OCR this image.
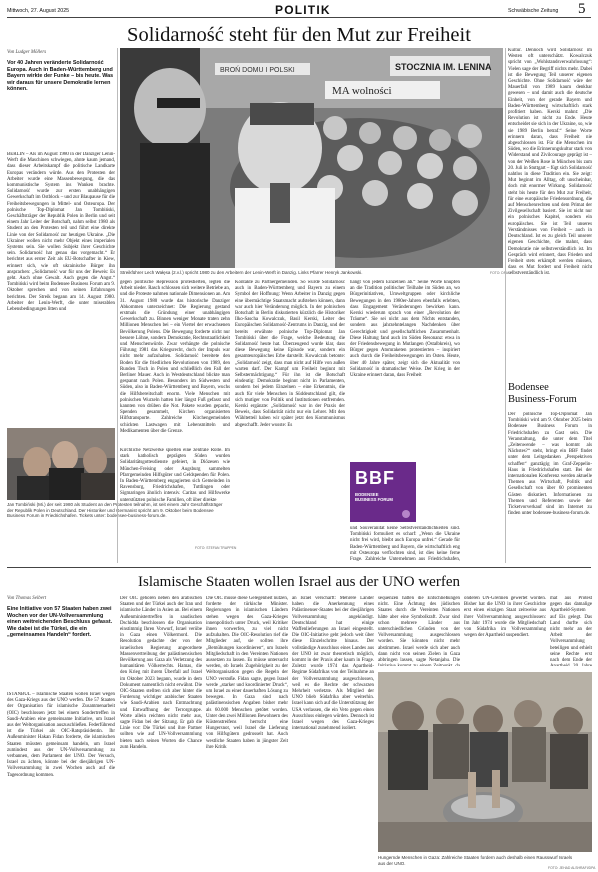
Mittwoch, 27. August 2025	POLITIK	Schwäbische Zeitung 5
Solidarność steht für den Mut zur Freiheit
BROŃ DOMU I POLSKI	STOCZNIA IM. LENINA
MA wolności
Streikführer Lech Wałęsa (2.v.l.) spricht 1980 zu den Arbeitern der Lenin-Werft in Danzig. Links Pfarrer Henryk Jankowski.	FOTO: DPA
Von Ludger Möllers
Vor 40 Jahren veränderte Solidarność Europa. Auch in Baden-Württemberg und Bayern wirkte der Funke – bis heute. Was wir daraus für unsere Demokratie lernen können.
BERLIN – Als im August 1980 in der Danziger Lenin-Werft die Maschinen schwiegen, ahnte kaum jemand, dass dieser Arbeitskampf die politische Landkarte Europas verändern würde. Aus den Protesten der Arbeiter wurde eine Massenbewegung, die das kommunistische System ins Wanken brachte. Solidarność wurde zur ersten unabhängigen Gewerkschaft im Ostblock – und zur Blaupause für die Freiheitsbewegungen in Mittel- und Osteuropa. Der polnische Top-Diplomat Jan Tombiński, Geschäftsträger der Republik Polen in Berlin und seit einem Jahr Leiter der Botschaft, nahm selbst 1980 als Student an den Protesten teil und führt eine direkte Linie von der Solidarność zur heutigen Ukraine. „Die Ukrainer wollen nicht mehr Objekt eines imperialen Systems sein. Sie wollen Subjekt ihrer Geschichte sein. Solidarność hat genau das vorgemacht.“ Er berichtet aus erster Zeit als EU-Botschafter in Kiew, erinnert sich, wie oft ukrainische Bürger ihn ansprachen: „Solidarność war für uns der Beweis: Es geht. Auch ohne Gewalt. Auch gegen die Angst.“ Tombiński wird beim Bodensee Business Forum am 9. Oktober sprechen und von seinen Erfahrungen berichten. Der Streik begann am 14. August 1980. Arbeiter der Lenin-Werft, die unter miserablen Lebensbedingungen litten und
gegen politische Repression protestierten, legten die Arbeit nieder. Rasch schlossen sich weitere Betriebe an, und die Proteste nahmen nationale Dimensionen an. Am 31. August 1980 wurde das historische Danziger Abkommen unterzeichnet: Die Regierung gestand erstmals die Gründung einer unabhängigen Gewerkschaft zu. Binnen weniger Monate traten zehn Millionen Menschen bei – ein Viertel der erwachsenen Bevölkerung Polens. Die Bewegung forderte nicht nur bessere Löhne, sondern Demokratie, Rechtsstaatlichkeit und Menschenwürde. Zwar verhängte die polnische Führung 1981 das Kriegsrecht, doch der Impuls war nicht mehr aufzuhalten. Solidarność bereitete den Boden für die friedlichen Revolutionen von 1989, den Runden Tisch in Polen und schließlich den Fall der Berliner Mauer. Auch in Westdeutschland blickte man gespannt nach Polen. Besonders im Südwesten und Süden, also in Baden-Württemberg und Bayern, wuchs die Hilfsbereitschaft enorm. Viele Menschen mit polnischen Wurzeln hatten hier längst Fuß gefasst und kannten von drüben die Not. Pakete wurden gepackt, Spenden gesammelt, Kirchen organisierten Hilfstransporte. Zahlreiche Kirchengemeinden schickten Lastwagen mit Lebensmitteln und Medikamenten über die Grenze.
Jan Tombiński (Mi.) der seit 1980 als Student an den Protesten teilnahm, ist seit einem Jahr Geschäftsträger der Republik Polen in Deutschland. Der Historiker und Germanist spricht am 9. Oktober beim Bodensee Business Forum in Friedrichshafen. Tickets unter: bodensee-business-forum.de.
FOTO: STEFAN TRAPPEN
Kirchliche Netzwerke spielten eine zentrale Rolle. Im stark katholisch geprägten Süden wurden Solidaritätsgottesdienste gefeiert, in Diözesen wie München-Freising oder Augsburg sammelten Pfarrgemeinden Hilfsgüter und Geldspenden für Polen. In Baden-Württemberg engagierten sich Gemeinden in Ravensburg, Friedrichshafen, Tuttlingen oder Sigmaringen ähnlich intensiv. Caritas und Hilfswerke unterstützten polnische Familien, oft über direkte
Kontakte zu Partnergemeinden. So wurde Solidarność auch in Baden-Württemberg und Bayern zu einem Symbol der Hoffnung: Wenn Arbeiter in Danzig gegen eine übermächtige Staatsmacht aufstehen können, dann war auch hier Veränderung möglich. In der polnischen Botschaft in Berlin diskutierten kürzlich die Historiker Ilko-Sascha Kowalczuk, Basil Kerski, Leiter des Europäischen Solidarność-Zentrums in Danzig, und der bereits erwähnte polnische Top-Diplomat Jan Tombiński über die Frage, welche Bedeutung die Solidarność heute hat. Überzeugend wurde klar, dass diese Bewegung keine Episode war, sondern ein gesamteuropäisches Erbe darstellt. Kowalczuk betonte: „Solidarność zeigt, dass man nicht auf Hilfe von außen warten darf. Der Kampf um Freiheit beginnt mit Selbstermächtigung.“ Für ihn ist die Botschaft eindeutig: Demokratie beginnt nicht in Parlamenten, sondern bei jedem Einzelnen – eine Erkenntnis, die auch für viele Menschen in Süddeutschland gilt, die sich mutiger von Politik und Institutionen entfremden. Kerski ergänzte: „Solidarność war in der Praxis der Beweis, dass Solidarität nicht nur ein Lehrer. Mit den Wähltetteil haben wir später jetzt den Kommunismus abgeschafft. Jeder wusste: Es
hängt von jedem Einzelnen ab.“ Seine Worte knüpfen an die Tradition politischer Teilhabe im Süden an, wo Bürgerinitiativen, Umweltgruppen oder kirchliche Bewegungen in den 1980er-Jahren ebenfalls erlebten, dass Engagement Veränderungen bewirken kann. Kerski wiederum sprach von einer „Revolution der Träume“. Sie sei nicht aus dem Nichts entstanden, sondern aus jahrzehntelangen Nachdenken über Gerechtigkeit und gesellschaftlichen Zusammenhalt. Diese Haltung fand auch im Süden Resonanz: etwa in der Friedensbewegung in Mutlangen (Ostalbkreis), wo Bürger gegen Atomraketen protestierten – inspiriert auch durch die Freiheitsbewegungen im Osten. Heute, über 40 Jahre später, zeigt sich die Aktualität von Solidarność in dramatischer Weise. Der Krieg in der Ukraine erinnert daran, dass Freiheit
BBF
BODENSEE
BUSINESS FORUM
und Souveränität keine Selbstverständlichkeiten sind. Tombiński formuliert es scharf: „Wenn die Ukraine nicht frei wird, bleibt auch Europa unfrei.“ Gerade für Baden-Württemberg und Bayern, die wirtschaftlich eng mit Osteuropa verflochten sind, ist dies keine ferne Frage. Zahlreiche Unternehmen aus Friedrichshafen,
Kultur. Dennoch wird Solidarność im Westen oft unterschätzt. Kowalczuk spricht von „Wohlstandsverwahrlosung“: Vielen sage der Begriff nichts mehr. Dabei ist die Bewegung Teil unserer eigenen Geschichte. Ohne Solidarność wäre der Mauerfall von 1989 kaum denkbar gewesen – und damit auch die deutsche Einheit, von der gerade Bayern und Baden-Württemberg wirtschaftlich stark profitiert haben. Kerski mahnt: „Die Revolution ist nicht zu Ende. Heute entscheidet sie sich in der Ukraine, so, wie sie 1989 Berlin betraf.“ Seine Worte erinnern daran, dass Freiheit nie abgeschlossen ist. Für die Menschen im Süden, wo die Erinnerungskultur stark von Widerstand und Zivilcourage geprägt ist – von der Weißen Rose in München bis zum 20. Juli in Stuttgart – fügt sich Solidarność nahtlos in diese Tradition ein. Sie zeigt: Mut beginnt im Alltag, oft unscheinbar, doch mit enormer Wirkung. Solidarność steht bis heute für den Mut zur Freiheit, für eine europäische Friedensordnung, die auf Menschenrechten und dem Primat der Zivilgesellschaft basiert. Sie ist nicht nur ein polnisches Kapitel, sondern ein europäisches. Sie ist Teil unseres Verständnisses von Freiheit – auch in Deutschland. Ist es zu gleich Teil unserer eigenen Geschichte, die mahnt, dass Demokratie nie selbstverständlich ist. Im Gespräch wird erinnert, dass Frieden und Freiheit stets erkämpft werden müssen, dass es Mut fordert und Freiheit nicht selbstverständlich ist.
Bodensee Business-Forum
Der polnische Top-Diplomat Jan Tombiński wird am 9. Oktober 2025 beim Bodensee Business Forum in Friedrichshafen zu Gast sein. Die Veranstaltung, die unter dem Titel „Zeitenwende – was kommt als Nächstes?“ steht, bringt ein BBF findet unter dem Leitgedanken „Perspektiven schaffen“ ganztägig im Graf-Zeppelin-Haus in Friedrichshafen statt. Bei der internationalen Konferenz werden aktuelle Themen aus Wirtschaft, Politik und Gesellschaft von über 60 prominenten Gästen diskutiert. Informationen zu Themen und Referenten sowie der Ticketvorverkauf sind im Internet zu finden unter bodensee-business-forum.de.
Islamische Staaten wollen Israel aus der UNO werfen
Von Thomas Seibert
Eine Initiative von 57 Staaten haben zwei Wochen vor der UN-Vollversammlung einen weitreichenden Beschluss gefasst. Wie dabei ist die Türkei, die ein „gemeinsames Handeln“ fordert.
ISTANBUL – Islamische Staaten wollen Israel wegen des Gaza-Kriegs aus der UNO werfen. Die 57 Staaten der Organisation für islamische Zusammenarbeit (OIC) beschlossen jetzt bei einem Sondertreffen in Saudi-Arabien eine gemeinsame Initiative, um Israel aus der Weltorganisation auszuschließen. Federführend ist die Türkei als OIC-Ratspräsidentin. Ihr Außenminister Hakan Fidan forderte, die islamischen Staaten müssten gemeinsam handeln, um Israel zumindest aus der UN-Vollversammlung zu verbannen, dem Parlament der UNO. Der Versuch, Israel zu ächten, könnte bei der diesjährigen UN-Vollversammlung in zwei Wochen auch auf die Tagesordnung kommen.
Der OIC gehören neben den arabischen Staaten und der Türkei auch der Iran und islamische Länder in Asien an. Bei einem Außenministertreffen in saudischen Dschidda beschlossen die Organisation einstimmig Ihren Vorwurf, Israel verübe in Gaza einen Völkermord. Die Resolution gedachte der von der israelischen Regierung angeordnete Massenvertreibung der palästinensischen Bevölkerung aus Gaza als Verletzung des humanitären Völkerrechts. Hamas, die den Krieg mit ihrem Überfall auf Israel im Oktober 2023 begann, wurde in dem Dokument namentlich nicht erwähnt. Die OIC-Staaten stellten sich aber hinter die Forderung wichtiger arabischer Staaten wie Saudi-Arabien nach Entmachtung und Entwaffnung der Terrorgruppe. Worte allein reichten nicht mehr aus, sagte Fidan bei der Sitzung. Er gab die Linie vor: Die Türkei und ihre Partner sollten wie auf UN-Vollversammlung bieten nach seinen Worten die Chance zum Handeln.
Die OIC müsse diese Gelegenheit nutzen, forderte der türkische Minister. Regierungen in islamischen Ländern stehen wegen des Gaza-Krieges innenpolitisch unter Druck, weil Kritiker ihnen vorwerfen, zu viel nicht aufzuhalten. Die OIC-Resolution rief die Mitglieder auf, sie sollten ihre „Bemühungen koordinieren“, um Israels Mitgliedschaft in den Vereinten Nationen aussetzen zu lassen. Es müsse untersucht werden, ob Israels Zugehörigkeit zu der Weltorganisation gegen die Regeln der UNO verstoße. Fidan sagte, gegen Israel werde „starker und koordinierter Druck“, um Israel zu einer dauerhaften Lösung zu bewegen. In Gaza sind nach palästinensischen Angaben bisher mehr als 60.000 Menschen getötet worden. Unter den zwei Millionen Bewohnern des Küstenstreifens herrscht eine Hungersnot, weil Israel die Lieferung von Hilfsgütern gedrosselt hat. Auch westliche Staaten haben in jüngster Zeit ihre Kritik
an Israel verschärft: Mehrere Länder haben die Anerkennung eines Palästinenser-Staates bei der diesjährigen Vollversammlung angekündigt. Deutschland hat einige Waffenlieferungen an Israel eingestellt. Die OIC-Initiative geht jedoch weit über diese Einzelschritte hinaus. Der vollständige Ausschluss eines Landes aus der UNO ist zwar theoretisch möglich, kommt in der Praxis aber kaum in Frage. Zuletzt wurde 1974 das Apartheid-Regime Südafrikas von der Teilnahme an der Vollversammlung ausgeschlossen, weil es die Rechte der schwarzen Mehrheit verletzte. Als Mitglied der UNO blieb Südafrika aber weiterhin. Israel kann sich auf die Unterstützung der USA verlassen, die ein Veto gegen einen Ausschluss einlegen würden. Dennoch ist Israel wegen des Gaza-Krieges international zunehmend isoliert.
sequenzen hatten die Entschließungen nicht. Eine Ächtung des jüdischen Staates durch die Vereinten Nationen hätte aber eine Symbolkraft. Zwar sind schon mehrere Länder aus unterschiedlichen Gründen von der Vollversammlung ausgeschlossen worden. Sie könnten nicht mehr abstimmen. Israel werde sich aber auch dann nicht von seinen Zielen in Gaza abbringen lassen, sagte Netanjahu. Die
onderen UN-Gremien gewertet worden. Bisher hat die UNO in ihrer Geschichte erst einen einzigen Staat zeitweise aus ihrer Vollversammlung ausgeschlossen: Im Jahr 1974 wurde die Mitgliedschaft von Südafrika im Vollversammlung wegen der Apartheid suspendiert.
mat aus Protest gegen das damalige Apartheid-System auf Eis gelegt. Das Land durfte sich nicht mehr an der Arbeit der Vollversammlung beteiligen und erhielt seine Rechte erst nach dem Ende der
Hungernde Menschen in Gaza: Zahlreiche Staaten fordern auch deshalb einen Rausswurf Israels aus der UNO.
FOTO: JEHAD ALSHRAFI/DPA
